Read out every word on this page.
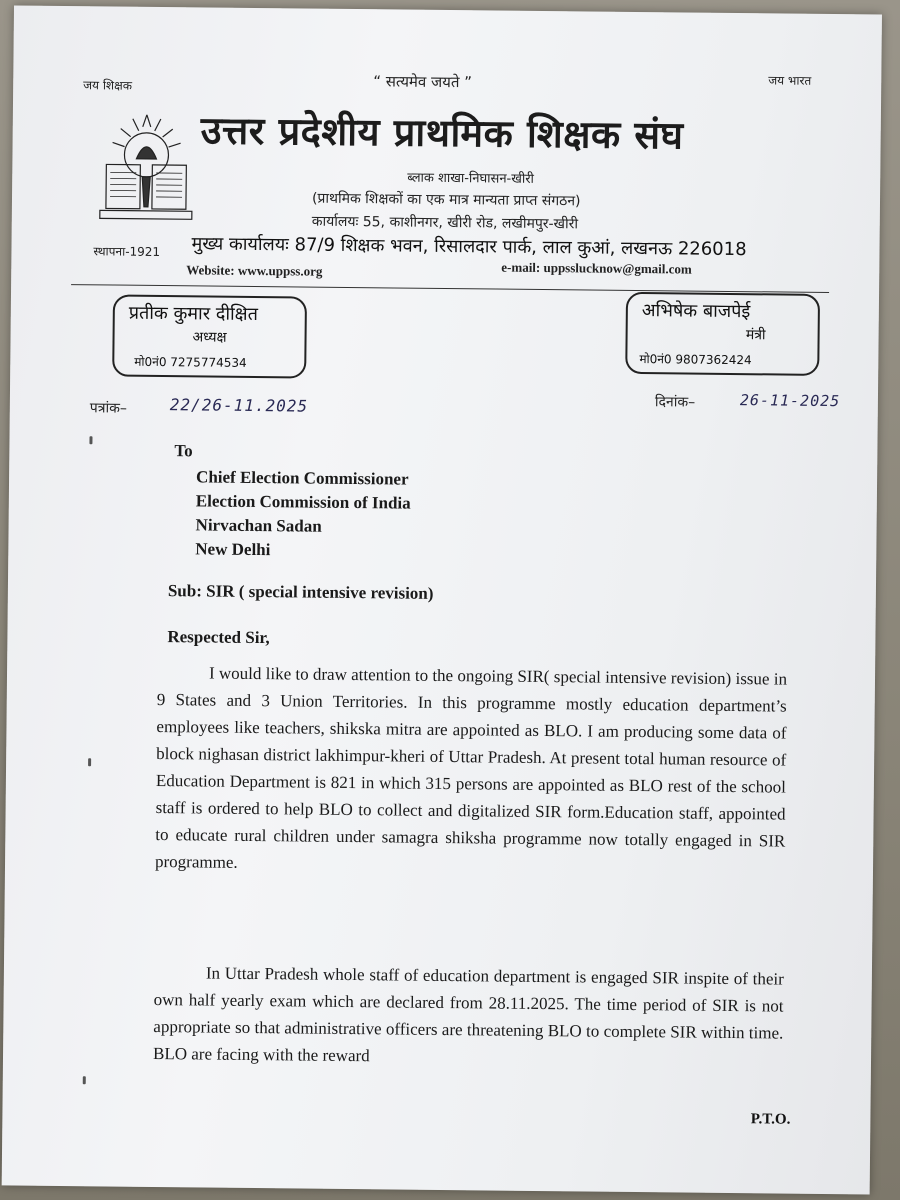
जय शिक्षक	“ सत्यमेव जयते ”	जय भारत
उत्तर प्रदेशीय प्राथमिक शिक्षक संघ
ब्लाक शाखा-निघासन-खीरी
(प्राथमिक शिक्षकों का एक मात्र मान्यता प्राप्त संगठन)
कार्यालयः 55, काशीनगर, खीरी रोड, लखीमपुर-खीरी
स्थापना-1921 मुख्य कार्यालयः 87/9 शिक्षक भवन, रिसालदार पार्क, लाल कुआं, लखनऊ 226018
Website: www.uppss.org	e-mail: uppsslucknow@gmail.com
प्रतीक कुमार दीक्षित
अध्यक्ष
मो0नं0 7275774534
अभिषेक बाजपेई
मंत्री
मो0नं0 9807362424
पत्रांक–	22/26-11.2025	दिनांक–	26-11-2025
To
Chief Election Commissioner
Election Commission of India
Nirvachan Sadan
New Delhi
Sub: SIR ( special intensive revision)
Respected Sir,
I would like to draw attention to the ongoing SIR( special intensive revision) issue in 9 States and 3 Union Territories. In this programme mostly education department’s employees like teachers, shikska mitra are appointed as BLO. I am producing some data of block nighasan district lakhimpur-kheri of Uttar Pradesh. At present total human resource of Education Department is 821 in which 315 persons are appointed as BLO rest of the school staff is ordered to help BLO to collect and digitalized SIR form.Education staff, appointed to educate rural children under samagra shiksha programme now totally engaged in SIR programme.
In Uttar Pradesh whole staff of education department is engaged SIR inspite of their own half yearly exam which are declared from 28.11.2025. The time period of SIR is not appropriate so that administrative officers are threatening BLO to complete SIR within time. BLO are facing with the reward
P.T.O.
